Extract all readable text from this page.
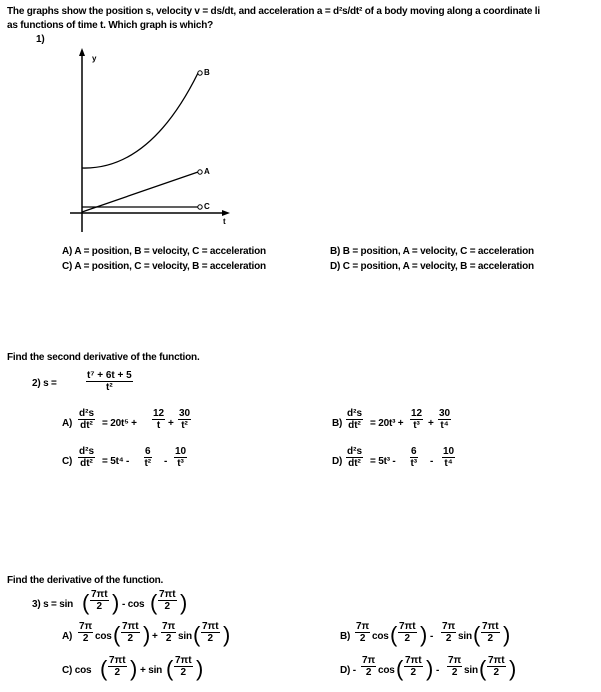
The graphs show the position s, velocity v = ds/dt, and acceleration a = d²s/dt² of a body moving along a coordinate li
as functions of time t. Which graph is which?
1)
y
t
B
A
C
A) A = position, B = velocity, C = acceleration	B) B = position, A = velocity, C = acceleration
C) A = position, C = velocity, B = acceleration	D) C = position, A = velocity, B = acceleration
Find the second derivative of the function.
2) s =	$\frac{\text{t⁷ + 6t + 5}}{\text{t²}}$
$A) \frac{\text{d²s}}{\text{dt²}} = 20t^5 + \frac{12}{t} + \frac{30}{\text{t²}}$	$B) \frac{\text{d²s}}{\text{dt²}} = 20t^3 + \frac{12}{\text{t³}} + \frac{30}{\text{t⁴}}$
$C) \frac{\text{d²s}}{\text{dt²}} = 5t^4 - \frac{6}{\text{t²}} - \frac{10}{\text{t³}}$	$D) \frac{\text{d²s}}{\text{dt²}} = 5t^3 - \frac{6}{\text{t³}} - \frac{10}{\text{t⁴}}$
Find the derivative of the function.
3) s = sin ( $\frac{7\pi t}{2}$ ) - cos ( $\frac{7\pi t}{2}$ )
$A) \frac{7\pi}{2}$ cos ( $\frac{7\pi t}{2}$ ) + $\frac{7\pi}{2}$ sin ( $\frac{7\pi t}{2}$ )	$B) \frac{7\pi}{2}$ cos ( $\frac{7\pi t}{2}$ ) - $\frac{7\pi}{2}$ sin ( $\frac{7\pi t}{2}$ )
C) cos ( $\frac{7\pi t}{2}$ ) + sin ( $\frac{7\pi t}{2}$ )	$D) - \frac{7\pi}{2}$ cos ( $\frac{7\pi t}{2}$ ) - $\frac{7\pi}{2}$ sin ( $\frac{7\pi t}{2}$ )
